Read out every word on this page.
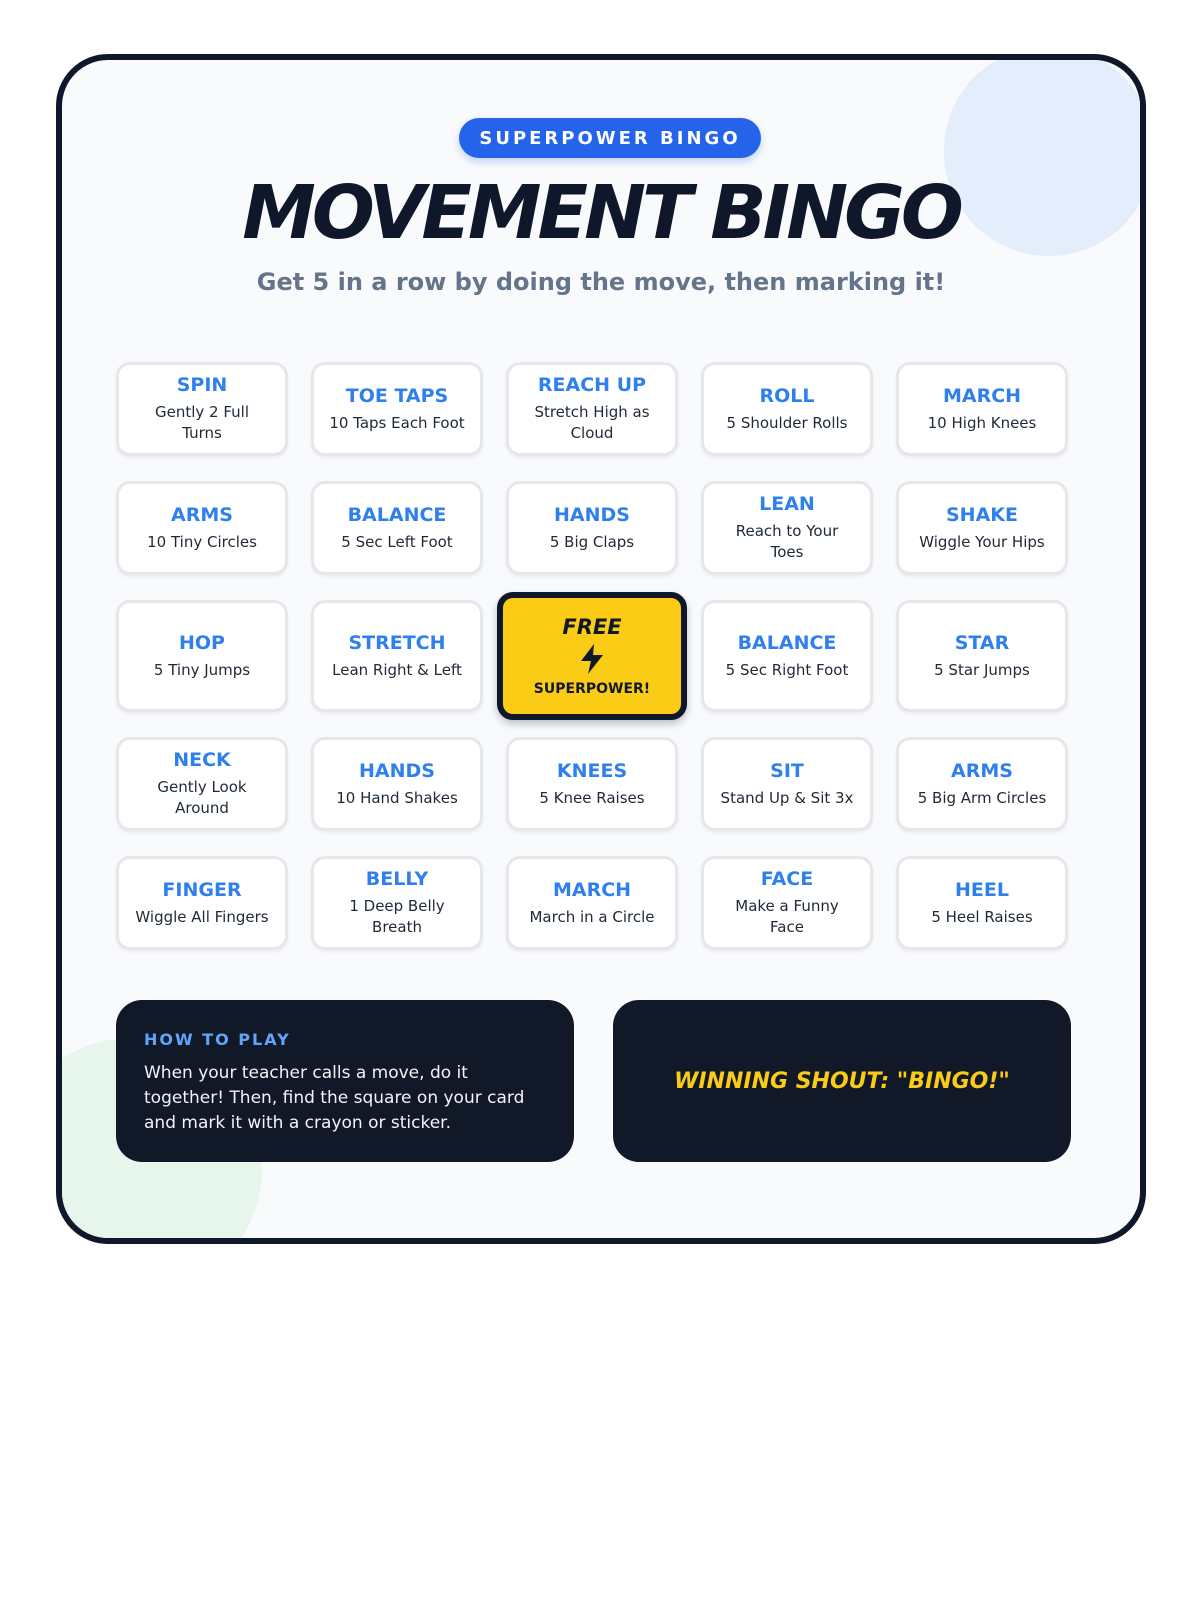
SUPERPOWER BINGO
MOVEMENT BINGO
Get 5 in a row by doing the move, then marking it!
SPIN
Gently 2 Full Turns
TOE TAPS
10 Taps Each Foot
REACH UP
Stretch High as Cloud
ROLL
5 Shoulder Rolls
MARCH
10 High Knees
ARMS
10 Tiny Circles
BALANCE
5 Sec Left Foot
HANDS
5 Big Claps
LEAN
Reach to Your Toes
SHAKE
Wiggle Your Hips
HOP
5 Tiny Jumps
STRETCH
Lean Right & Left
FREE
SUPERPOWER!
BALANCE
5 Sec Right Foot
STAR
5 Star Jumps
NECK
Gently Look Around
HANDS
10 Hand Shakes
KNEES
5 Knee Raises
SIT
Stand Up & Sit 3x
ARMS
5 Big Arm Circles
FINGER
Wiggle All Fingers
BELLY
1 Deep Belly Breath
MARCH
March in a Circle
FACE
Make a Funny Face
HEEL
5 Heel Raises
HOW TO PLAY
When your teacher calls a move, do it together! Then, find the square on your card and mark it with a crayon or sticker.
WINNING SHOUT: "BINGO!"
